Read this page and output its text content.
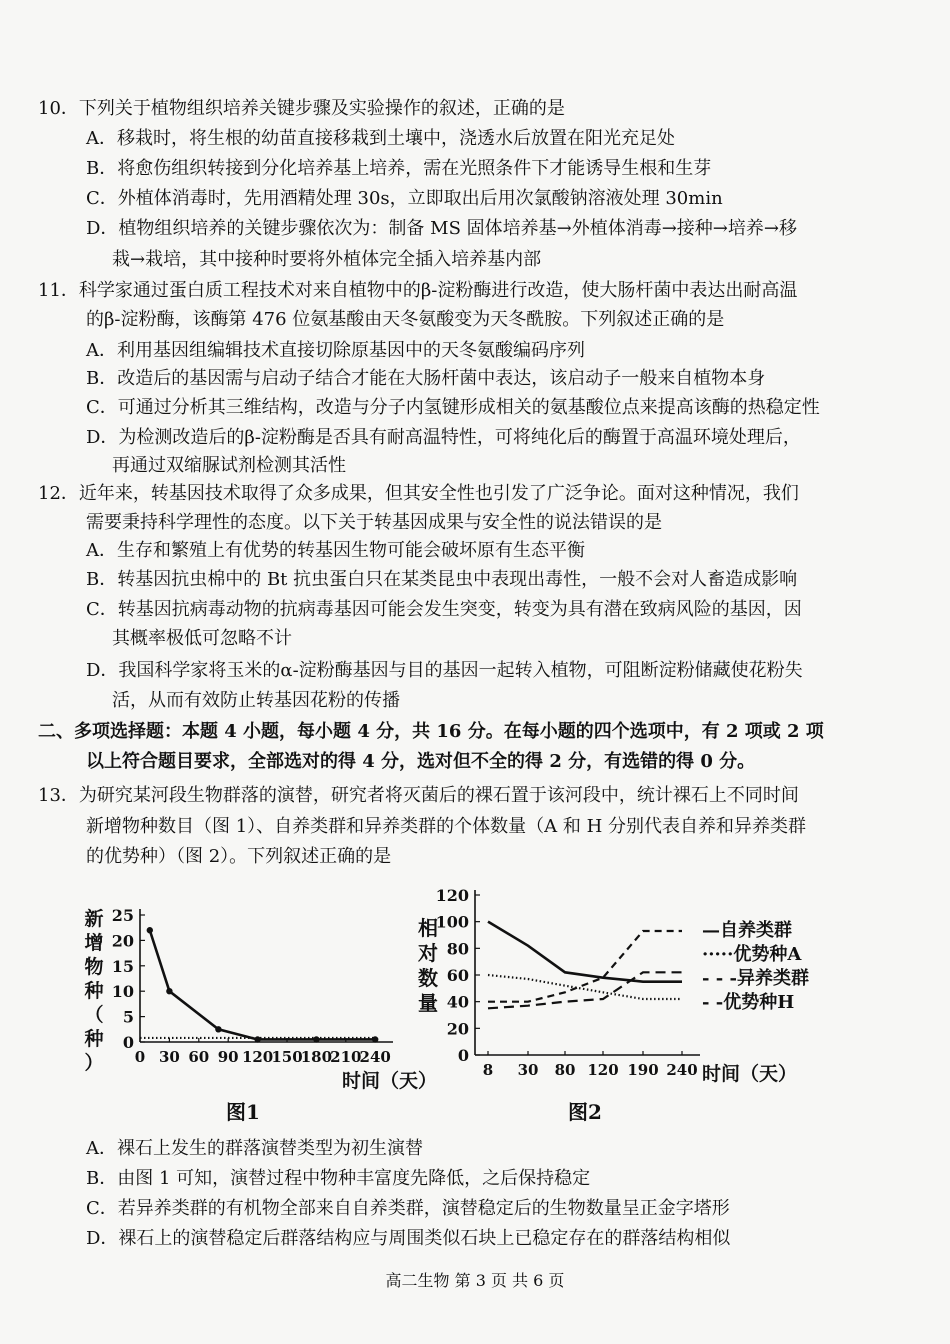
10．下列关于植物组织培养关键步骤及实验操作的叙述，正确的是
A．移栽时，将生根的幼苗直接移栽到土壤中，浇透水后放置在阳光充足处
B．将愈伤组织转接到分化培养基上培养，需在光照条件下才能诱导生根和生芽
C．外植体消毒时，先用酒精处理 30s，立即取出后用次氯酸钠溶液处理 30min
D．植物组织培养的关键步骤依次为：制备 MS 固体培养基→外植体消毒→接种→培养→移
栽→栽培，其中接种时要将外植体完全插入培养基内部
11．科学家通过蛋白质工程技术对来自植物中的β-淀粉酶进行改造，使大肠杆菌中表达出耐高温
的β-淀粉酶，该酶第 476 位氨基酸由天冬氨酸变为天冬酰胺。下列叙述正确的是
A．利用基因组编辑技术直接切除原基因中的天冬氨酸编码序列
B．改造后的基因需与启动子结合才能在大肠杆菌中表达，该启动子一般来自植物本身
C．可通过分析其三维结构，改造与分子内氢键形成相关的氨基酸位点来提高该酶的热稳定性
D．为检测改造后的β-淀粉酶是否具有耐高温特性，可将纯化后的酶置于高温环境处理后，
再通过双缩脲试剂检测其活性
12．近年来，转基因技术取得了众多成果，但其安全性也引发了广泛争论。面对这种情况，我们
需要秉持科学理性的态度。以下关于转基因成果与安全性的说法错误的是
A．生存和繁殖上有优势的转基因生物可能会破坏原有生态平衡
B．转基因抗虫棉中的 Bt 抗虫蛋白只在某类昆虫中表现出毒性，一般不会对人畜造成影响
C．转基因抗病毒动物的抗病毒基因可能会发生突变，转变为具有潜在致病风险的基因，因
其概率极低可忽略不计
D．我国科学家将玉米的α-淀粉酶基因与目的基因一起转入植物，可阻断淀粉储藏使花粉失
活，从而有效防止转基因花粉的传播
二、多项选择题：本题 4 小题，每小题 4 分，共 16 分。在每小题的四个选项中，有 2 项或 2 项
以上符合题目要求，全部选对的得 4 分，选对但不全的得 2 分，有选错的得 0 分。
13．为研究某河段生物群落的演替，研究者将灭菌后的裸石置于该河段中，统计裸石上不同时间
新增物种数目（图 1）、自养类群和异养类群的个体数量（A 和 H 分别代表自养和异养类群
的优势种）（图 2）。下列叙述正确的是
0
5
10
15
20
25
0 30 60 90 120
150
180
210
240
新增物种（种）
时间（天）
图1
0
20
40
60
80
100
120
8 30 80 120 190 240
相对数量
时间（天）
—自养类群
·····优势种A
- - -异养类群
- -优势种H
图2
A．裸石上发生的群落演替类型为初生演替
B．由图 1 可知，演替过程中物种丰富度先降低，之后保持稳定
C．若异养类群的有机物全部来自自养类群，演替稳定后的生物数量呈正金字塔形
D．裸石上的演替稳定后群落结构应与周围类似石块上已稳定存在的群落结构相似
高二生物 第 3 页 共 6 页
